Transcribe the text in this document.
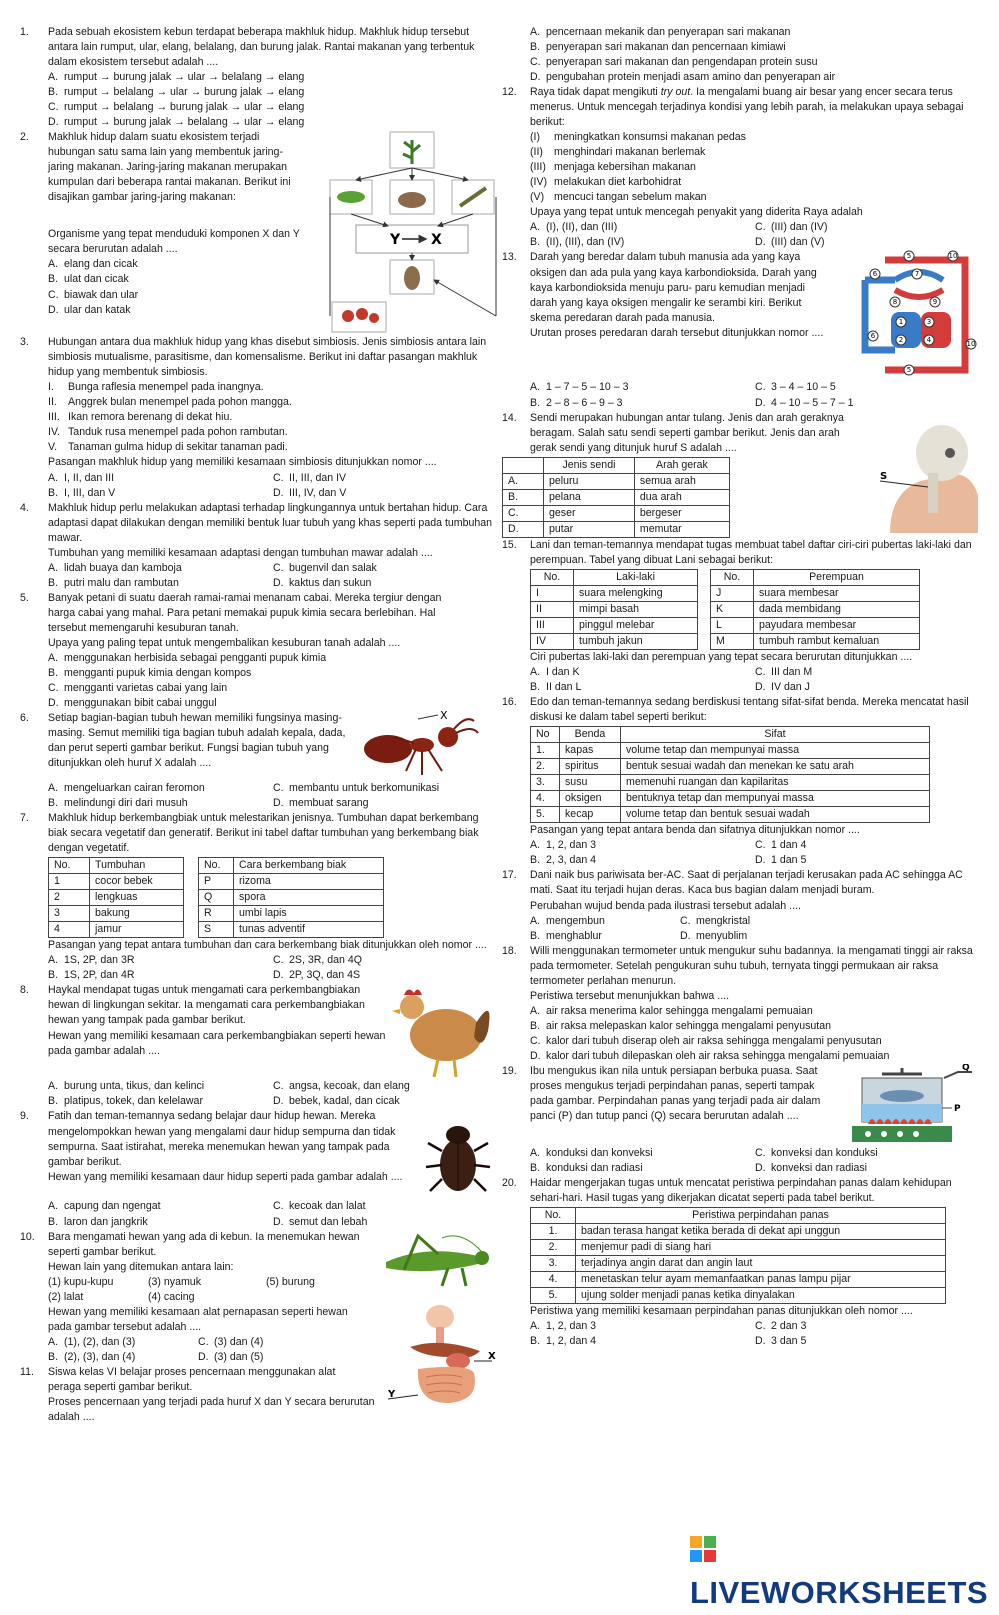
1.	Pada sebuah ekosistem kebun terdapat beberapa makhluk hidup. Makhluk hidup tersebut antara lain rumput, ular, elang, belalang, dan burung jalak. Rantai makanan yang terbentuk dalam ekosistem tersebut adalah ....
A. rumput → burung jalak → ular → belalang → elang
B. rumput → belalang → ular → burung jalak → elang
C. rumput → belalang → burung jalak → ular → elang
D. rumput → burung jalak → belalang → ular → elang
2.	Makhluk hidup dalam suatu ekosistem terjadi hubungan satu sama lain yang membentuk jaring-jaring makanan. Jaring-jaring makanan merupakan kumpulan dari beberapa rantai makanan. Berikut ini disajikan gambar jaring-jaring makanan:
Organisme yang tepat menduduki komponen X dan Y secara berurutan adalah ....
A. elang dan cicak
B. ulat dan cicak
C. biawak dan ular
D. ular dan katak
Y X
3.	Hubungan antara dua makhluk hidup yang khas disebut simbiosis. Jenis simbiosis antara lain simbiosis mutualisme, parasitisme, dan komensalisme. Berikut ini daftar pasangan makhluk hidup yang membentuk simbiosis.
I.	Bunga raflesia menempel pada inangnya.
II.	Anggrek bulan menempel pada pohon mangga.
III. Ikan remora berenang di dekat hiu.
IV. Tanduk rusa menempel pada pohon rambutan.
V.	Tanaman gulma hidup di sekitar tanaman padi.
Pasangan makhluk hidup yang memiliki kesamaan simbiosis ditunjukkan nomor ....
A. I, II, dan III	C. II, III, dan IV
B. I, III, dan V	D. III, IV, dan V
4.	Makhluk hidup perlu melakukan adaptasi terhadap lingkungannya untuk bertahan hidup. Cara adaptasi dapat dilakukan dengan memiliki bentuk luar tubuh yang khas seperti pada tumbuhan mawar.
Tumbuhan yang memiliki kesamaan adaptasi dengan tumbuhan mawar adalah ....
A. lidah buaya dan kamboja	C. bugenvil dan salak
B. putri malu dan rambutan	D. kaktus dan sukun
5.	Banyak petani di suatu daerah ramai-ramai menanam cabai. Mereka tergiur dengan harga cabai yang mahal. Para petani memakai pupuk kimia secara berlebihan. Hal tersebut memengaruhi kesuburan tanah.
Upaya yang paling tepat untuk mengembalikan kesuburan tanah adalah ....
A. menggunakan herbisida sebagai pengganti pupuk kimia
B. mengganti pupuk kimia dengan kompos
C. mengganti varietas cabai yang lain
D. menggunakan bibit cabai unggul
6.	Setiap bagian-bagian tubuh hewan memiliki fungsinya masing-masing. Semut memiliki tiga bagian tubuh adalah kepala, dada, dan perut seperti gambar berikut. Fungsi bagian tubuh yang ditunjukkan oleh huruf X adalah ....
X
A. mengeluarkan cairan feromon	C. membantu untuk berkomunikasi
B. melindungi diri dari musuh	D. membuat sarang
7.	Makhluk hidup berkembangbiak untuk melestarikan jenisnya. Tumbuhan dapat berkembang biak secara vegetatif dan generatif. Berikut ini tabel daftar tumbuhan yang berkembang biak dengan vegetatif.
No.	Tumbuhan
1	cocor bebek
2	lengkuas
3	bakung
4	jamur
No.	Cara berkembang biak
P	rizoma
Q	spora
R	umbi lapis
S	tunas adventif
Pasangan yang tepat antara tumbuhan dan cara berkembang biak ditunjukkan oleh nomor ....
A. 1S, 2P, dan 3R	C. 2S, 3R, dan 4Q
B. 1S, 2P, dan 4R	D. 2P, 3Q, dan 4S
8.	Haykal mendapat tugas untuk mengamati cara perkembangbiakan hewan di lingkungan sekitar. Ia mengamati cara perkembangbiakan hewan yang tampak pada gambar berikut.
Hewan yang memiliki kesamaan cara perkembangbiakan seperti hewan pada gambar adalah ....
A. burung unta, tikus, dan kelinci	C. angsa, kecoak, dan elang
B. platipus, tokek, dan kelelawar	D. bebek, kadal, dan cicak
9.	Fatih dan teman-temannya sedang belajar daur hidup hewan. Mereka mengelompokkan hewan yang mengalami daur hidup sempurna dan tidak sempurna. Saat istirahat, mereka menemukan hewan yang tampak pada gambar berikut.
Hewan yang memiliki kesamaan daur hidup seperti pada gambar adalah ....
A. capung dan ngengat	C. kecoak dan lalat
B. laron dan jangkrik	D. semut dan lebah
10.	Bara mengamati hewan yang ada di kebun. Ia menemukan hewan seperti gambar berikut.
Hewan lain yang ditemukan antara lain:
(1) kupu-kupu	(3) nyamuk	(5) burung
(2) lalat	(4) cacing
Hewan yang memiliki kesamaan alat pernapasan seperti hewan pada gambar tersebut adalah ....
A. (1), (2), dan (3)	C. (3) dan (4)
B. (2), (3), dan (4)	D. (3) dan (5)
11.	Siswa kelas VI belajar proses pencernaan menggunakan alat peraga seperti gambar berikut.
Proses pencernaan yang terjadi pada huruf X dan Y secara berurutan adalah ....
X
Y
A. pencernaan mekanik dan penyerapan sari makanan
B. penyerapan sari makanan dan pencernaan kimiawi
C. penyerapan sari makanan dan pengendapan protein susu
D. pengubahan protein menjadi asam amino dan penyerapan air
12.	Raya tidak dapat mengikuti try out. Ia mengalami buang air besar yang encer secara terus menerus. Untuk mencegah terjadinya kondisi yang lebih parah, ia melakukan upaya sebagai berikut:
(I)	meningkatkan konsumsi makanan pedas
(II)	menghindari makanan berlemak
(III) menjaga kebersihan makanan
(IV) melakukan diet karbohidrat
(V) mencuci tangan sebelum makan
Upaya yang tepat untuk mencegah penyakit yang diderita Raya adalah
A. (I), (II), dan (III)	C. (III) dan (IV)
B. (II), (III), dan (IV)	D. (III) dan (V)
13.	Darah yang beredar dalam tubuh manusia ada yang kaya oksigen dan ada pula yang kaya karbondioksida. Darah yang kaya karbondioksida menuju paru- paru kemudian menjadi darah yang kaya oksigen mengalir ke serambi kiri. Berikut skema peredaran darah pada manusia.
Urutan proses peredaran darah tersebut ditunjukkan nomor ....
5	10
6	7
8	9
1	3
2	4
6
10
5
A. 1 – 7 – 5 – 10 – 3	C. 3 – 4 – 10 – 5
B. 2 – 8 – 6 – 9 – 3	D. 4 – 10 – 5 – 7 – 1
14.	Sendi merupakan hubungan antar tulang. Jenis dan arah geraknya beragam. Salah satu sendi seperti gambar berikut. Jenis dan arah gerak sendi yang ditunjuk huruf S adalah ....
	Jenis sendi	Arah gerak
A.	peluru	semua arah
B.	pelana	dua arah
C.	geser	bergeser
D.	putar	memutar
S
15.	Lani dan teman-temannya mendapat tugas membuat tabel daftar ciri-ciri pubertas laki-laki dan perempuan. Tabel yang dibuat Lani sebagai berikut:
No.	Laki-laki
I	suara melengking
II	mimpi basah
III	pinggul melebar
IV	tumbuh jakun
No.	Perempuan
J	suara membesar
K	dada membidang
L	payudara membesar
M	tumbuh rambut kemaluan
Ciri pubertas laki-laki dan perempuan yang tepat secara berurutan ditunjukkan ....
A. I dan K	C. III dan M
B. II dan L	D. IV dan J
16.	Edo dan teman-temannya sedang berdiskusi tentang sifat-sifat benda. Mereka mencatat hasil diskusi ke dalam tabel seperti berikut:
No	Benda	Sifat
1.	kapas	volume tetap dan mempunyai massa
2.	spiritus	bentuk sesuai wadah dan menekan ke satu arah
3.	susu	memenuhi ruangan dan kapilaritas
4.	oksigen	bentuknya tetap dan mempunyai massa
5.	kecap	volume tetap dan bentuk sesuai wadah
Pasangan yang tepat antara benda dan sifatnya ditunjukkan nomor ....
A. 1, 2, dan 3	C. 1 dan 4
B. 2, 3, dan 4	D. 1 dan 5
17.	Dani naik bus pariwisata ber-AC. Saat di perjalanan terjadi kerusakan pada AC sehingga AC mati. Saat itu terjadi hujan deras. Kaca bus bagian dalam menjadi buram.
Perubahan wujud benda pada ilustrasi tersebut adalah ....
A. mengembun	C. mengkristal
B. menghablur	D. menyublim
18.	Willi menggunakan termometer untuk mengukur suhu badannya. Ia mengamati tinggi air raksa pada termometer. Setelah pengukuran suhu tubuh, ternyata tinggi permukaan air raksa termometer perlahan menurun.
Peristiwa tersebut menunjukkan bahwa ....
A. air raksa menerima kalor sehingga mengalami pemuaian
B. air raksa melepaskan kalor sehingga mengalami penyusutan
C. kalor dari tubuh diserap oleh air raksa sehingga mengalami penyusutan
D. kalor dari tubuh dilepaskan oleh air raksa sehingga mengalami pemuaian
19.	Ibu mengukus ikan nila untuk persiapan berbuka puasa. Saat proses mengukus terjadi perpindahan panas, seperti tampak pada gambar. Perpindahan panas yang terjadi pada air dalam panci (P) dan tutup panci (Q) secara berurutan adalah ....
Q
P
A. konduksi dan konveksi	C. konveksi dan konduksi
B. konduksi dan radiasi	D. konveksi dan radiasi
20.	Haidar mengerjakan tugas untuk mencatat peristiwa perpindahan panas dalam kehidupan sehari-hari. Hasil tugas yang dikerjakan dicatat seperti pada tabel berikut.
No.	Peristiwa perpindahan panas
1.	badan terasa hangat ketika berada di dekat api unggun
2.	menjemur padi di siang hari
3.	terjadinya angin darat dan angin laut
4.	menetaskan telur ayam memanfaatkan panas lampu pijar
5.	ujung solder menjadi panas ketika dinyalakan
Peristiwa yang memiliki kesamaan perpindahan panas ditunjukkan oleh nomor ....
A. 1, 2, dan 3	C. 2 dan 3
B. 1, 2, dan 4	D. 3 dan 5
LIVEWORKSHEETS
